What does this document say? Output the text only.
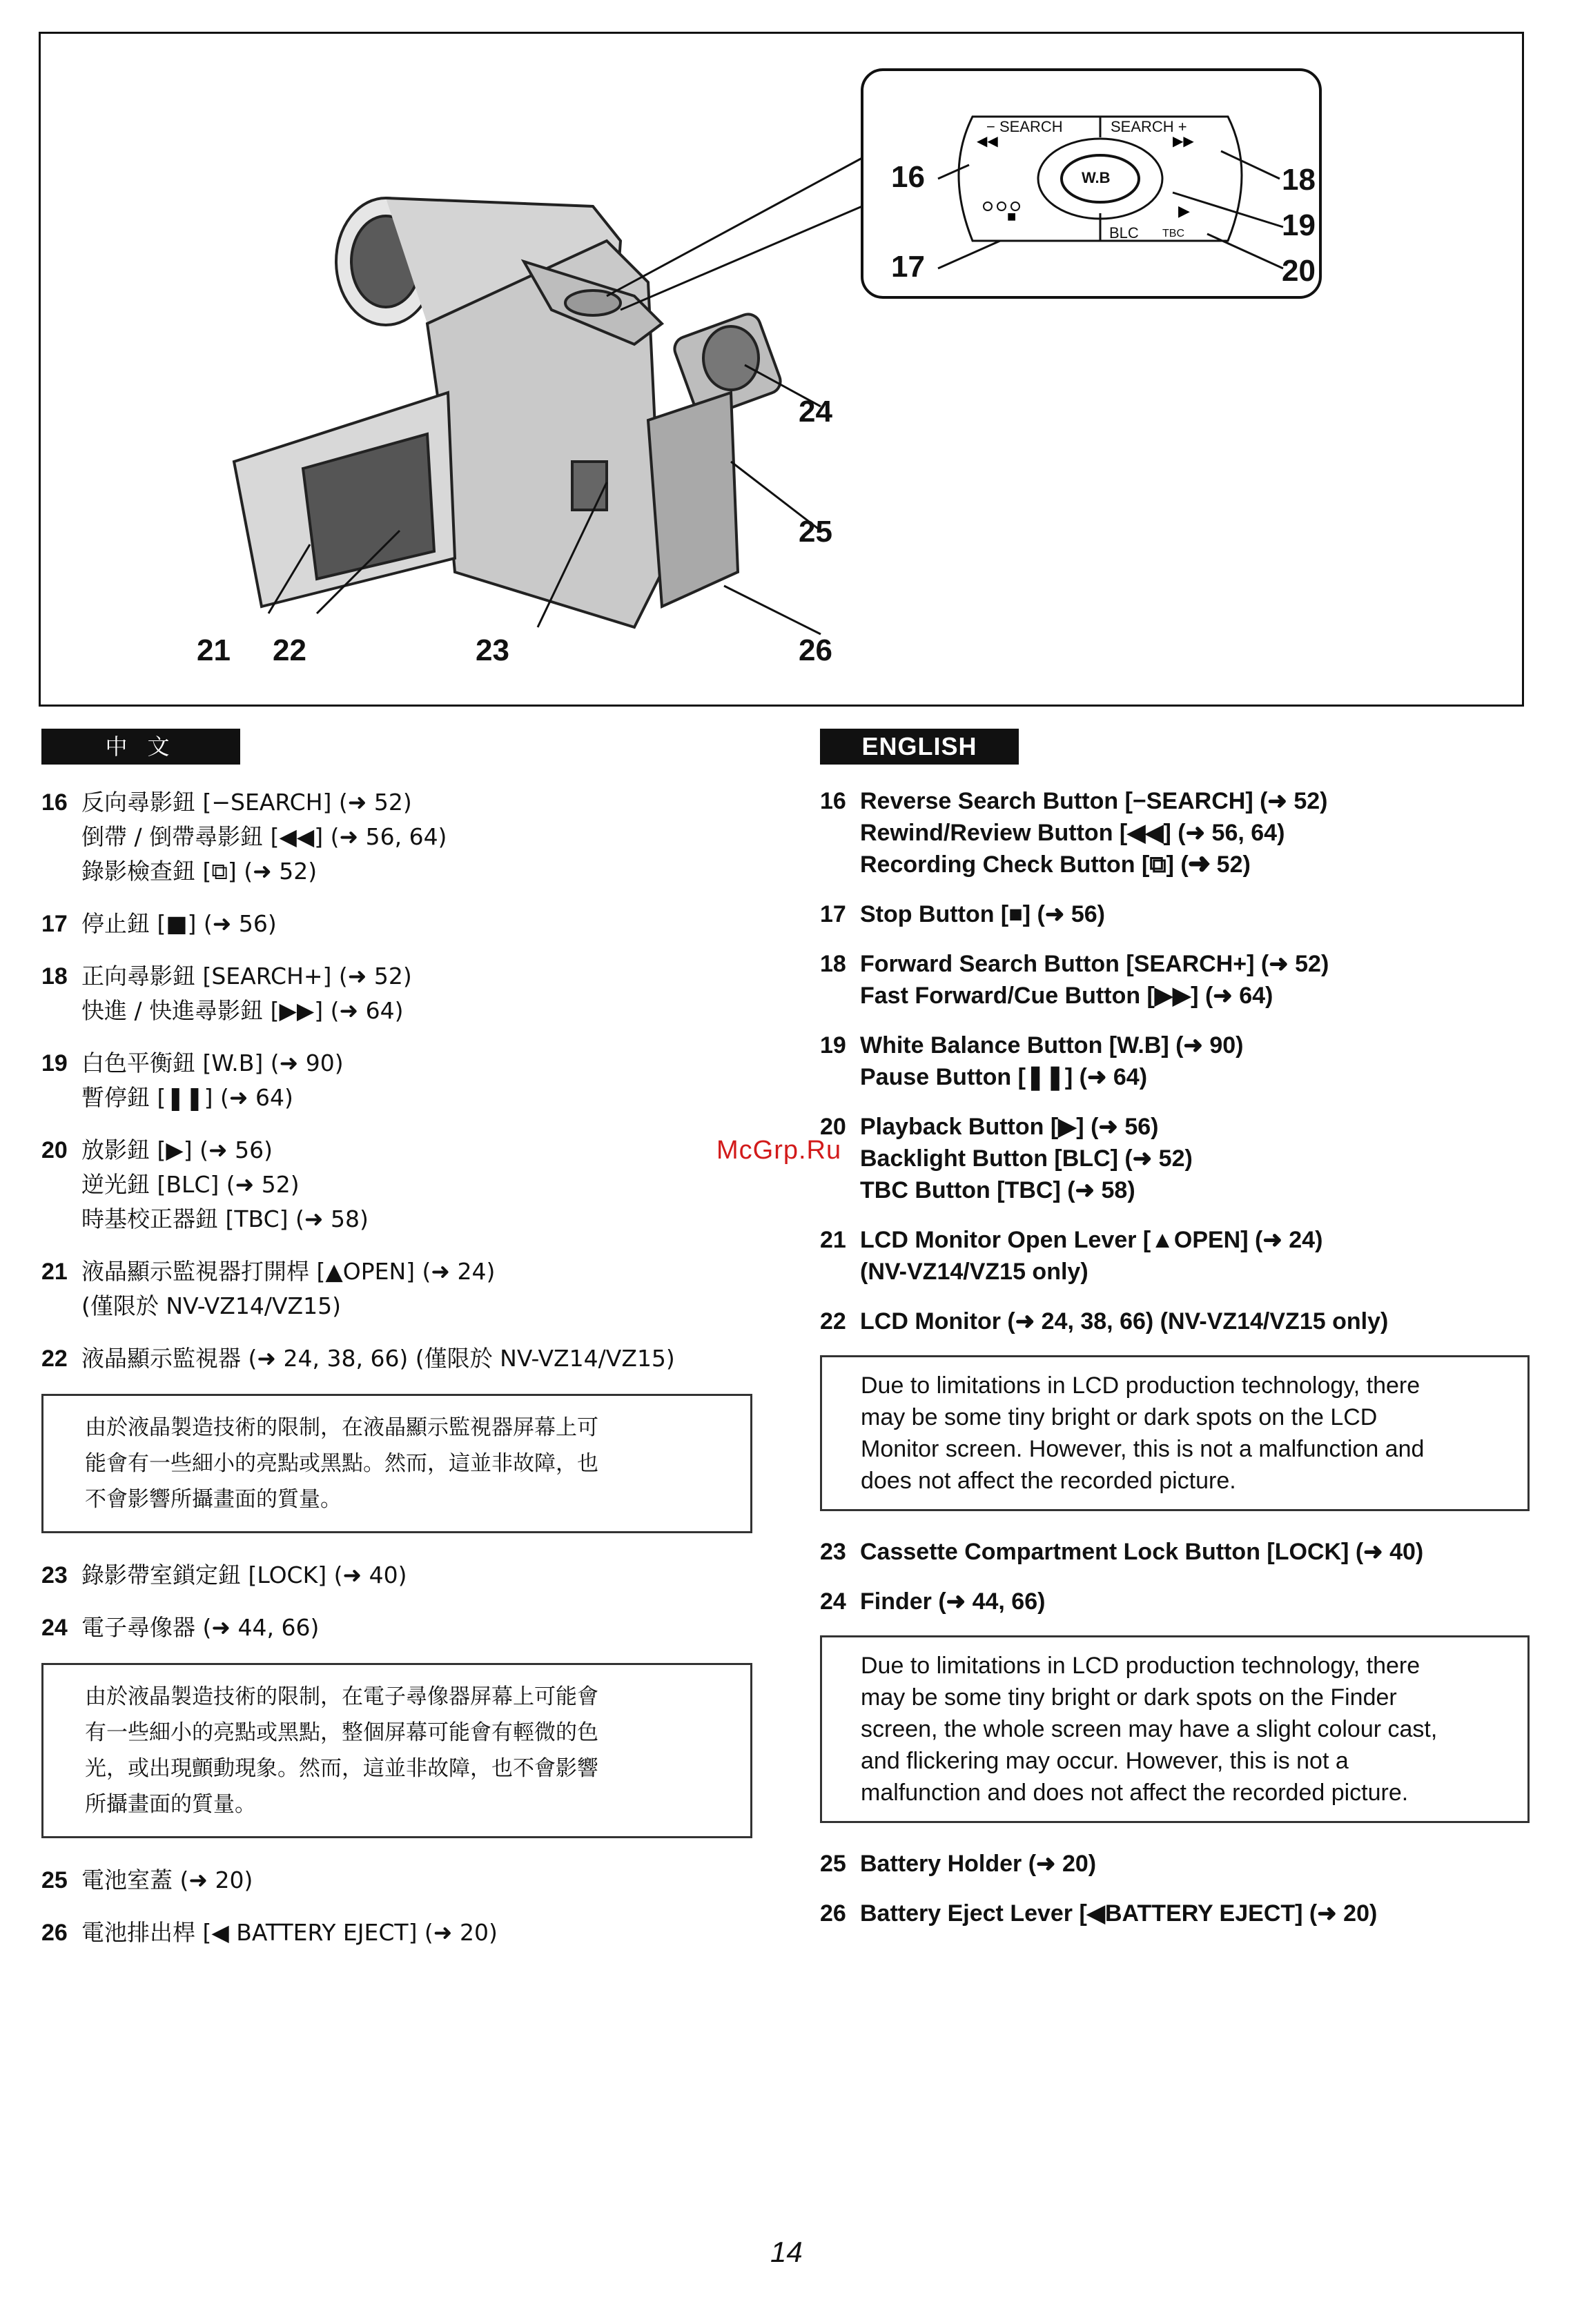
◀◀	▶▶
▶
■
− SEARCH	SEARCH +
W.B
BLC TBC
16
17
18
19
20
21 22	23
24
25
26
中 文
16 反向尋影鈕 [−SEARCH] (➜ 52)
倒帶 / 倒帶尋影鈕 [◀◀] (➜ 56, 64)
錄影檢查鈕 [⧉] (➜ 52)
17 停止鈕 [■] (➜ 56)
18 正向尋影鈕 [SEARCH+] (➜ 52)
快進 / 快進尋影鈕 [▶▶] (➜ 64)
19 白色平衡鈕 [W.B] (➜ 90)
暫停鈕 [❚❚] (➜ 64)
20 放影鈕 [▶] (➜ 56)
逆光鈕 [BLC] (➜ 52)
時基校正器鈕 [TBC] (➜ 58)
21 液晶顯示監視器打開桿 [▲OPEN] (➜ 24)
(僅限於 NV-VZ14/VZ15)
22 液晶顯示監視器 (➜ 24, 38, 66) (僅限於 NV-VZ14/VZ15)
由於液晶製造技術的限制，在液晶顯示監視器屏幕上可
能會有一些細小的亮點或黑點。然而，這並非故障，也
不會影響所攝畫面的質量。
23 錄影帶室鎖定鈕 [LOCK] (➜ 40)
24 電子尋像器 (➜ 44, 66)
由於液晶製造技術的限制，在電子尋像器屏幕上可能會
有一些細小的亮點或黑點，整個屏幕可能會有輕微的色
光，或出現顫動現象。然而，這並非故障，也不會影響
所攝畫面的質量。
25 電池室蓋 (➜ 20)
26 電池排出桿 [◀ BATTERY EJECT] (➜ 20)
ENGLISH
16 Reverse Search Button [−SEARCH] (➜ 52)
Rewind/Review Button [◀◀] (➜ 56, 64)
Recording Check Button [⧉] (➜ 52)
17 Stop Button [■] (➜ 56)
18 Forward Search Button [SEARCH+] (➜ 52)
Fast Forward/Cue Button [▶▶] (➜ 64)
19 White Balance Button [W.B] (➜ 90)
Pause Button [❚❚] (➜ 64)
20 Playback Button [▶] (➜ 56)
Backlight Button [BLC] (➜ 52)
TBC Button [TBC] (➜ 58)
21 LCD Monitor Open Lever [▲OPEN] (➜ 24)
(NV-VZ14/VZ15 only)
22 LCD Monitor (➜ 24, 38, 66) (NV-VZ14/VZ15 only)
Due to limitations in LCD production technology, there
may be some tiny bright or dark spots on the LCD
Monitor screen. However, this is not a malfunction and
does not affect the recorded picture.
23 Cassette Compartment Lock Button [LOCK] (➜ 40)
24 Finder (➜ 44, 66)
Due to limitations in LCD production technology, there
may be some tiny bright or dark spots on the Finder
screen, the whole screen may have a slight colour cast,
and flickering may occur. However, this is not a
malfunction and does not affect the recorded picture.
25 Battery Holder (➜ 20)
26 Battery Eject Lever [◀BATTERY EJECT] (➜ 20)
McGrp.Ru
14
